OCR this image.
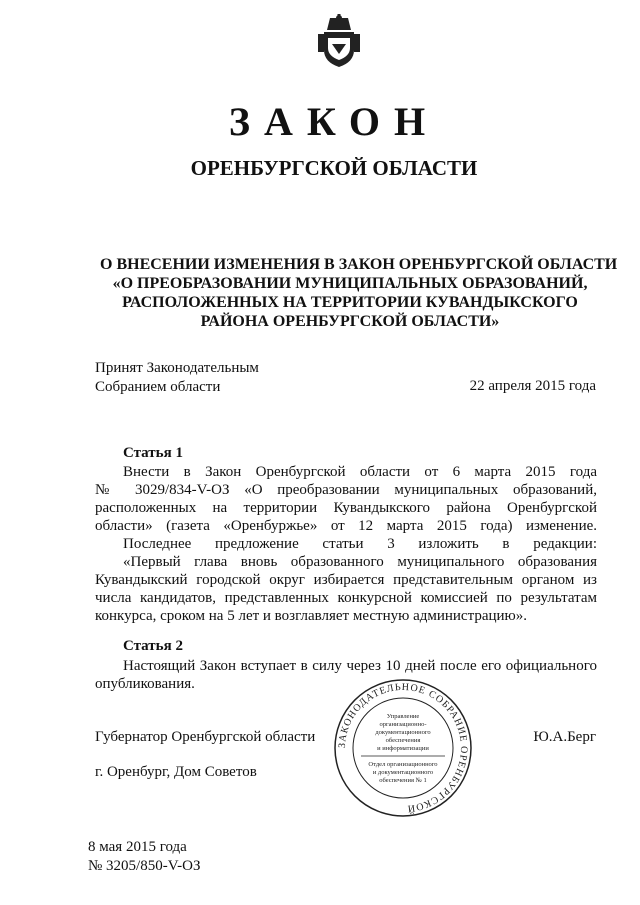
ЗАКОН
ОРЕНБУРГСКОЙ ОБЛАСТИ
О ВНЕСЕНИИ ИЗМЕНЕНИЯ В ЗАКОН ОРЕНБУРГСКОЙ ОБЛАСТИ
«О ПРЕОБРАЗОВАНИИ МУНИЦИПАЛЬНЫХ ОБРАЗОВАНИЙ,
РАСПОЛОЖЕННЫХ НА ТЕРРИТОРИИ КУВАНДЫКСКОГО
РАЙОНА ОРЕНБУРГСКОЙ ОБЛАСТИ»
Принят Законодательным
Собранием области	22 апреля 2015 года
Статья 1
Внести в Закон Оренбургской области от 6 марта 2015 года
№ 3029/834-V-ОЗ «О преобразовании муниципальных образований,
расположенных на территории Кувандыкского района Оренбургской
области» (газета «Оренбуржье» от 12 марта 2015 года) изменение.
Последнее предложение статьи 3 изложить в редакции:
«Первый глава вновь образованного муниципального образования
Кувандыкский городской округ избирается представительным органом из
числа кандидатов, представленных конкурсной комиссией по результатам
конкурса, сроком на 5 лет и возглавляет местную администрацию».
Статья 2
Настоящий Закон вступает в силу через 10 дней после его официального
опубликования.
Губернатор Оренбургской области	Ю.А.Берг
г. Оренбург, Дом Советов
ЗАКОНОДАТЕЛЬНОЕ СОБРАНИЕ ОРЕНБУРГСКОЙ
Управление
организационно-
документационного
обеспечения
и информатизации
Отдел организационного
и документационного
обеспечения № 1
8 мая 2015 года
№ 3205/850-V-ОЗ
